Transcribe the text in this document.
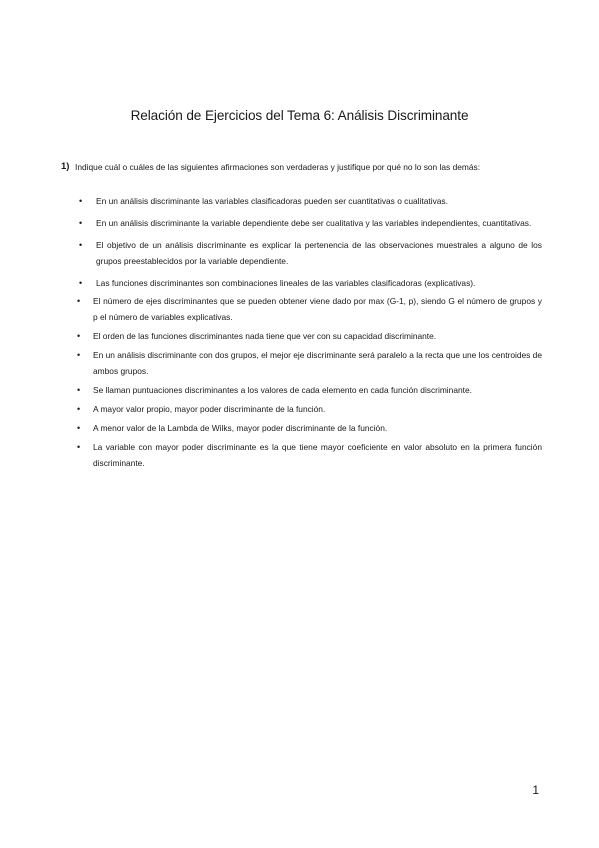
Relación de Ejercicios del Tema 6: Análisis Discriminante
1) Indique cuál o cuáles de las siguientes afirmaciones son verdaderas y justifique por qué no lo son las demás:
• En un análisis discriminante las variables clasificadoras pueden ser cuantitativas o cualitativas.
• En un análisis discriminante la variable dependiente debe ser cualitativa y las variables independientes, cuantitativas.
• El objetivo de un análisis discriminante es explicar la pertenencia de las observaciones muestrales a alguno de los grupos preestablecidos por la variable dependiente.
• Las funciones discriminantes son combinaciones lineales de las variables clasificadoras (explicativas).
• El número de ejes discriminantes que se pueden obtener viene dado por max (G-1, p), siendo G el número de grupos y p el número de variables explicativas.
• El orden de las funciones discriminantes nada tiene que ver con su capacidad discriminante.
• En un análisis discriminante con dos grupos, el mejor eje discriminante será paralelo a la recta que une los centroides de ambos grupos.
• Se llaman puntuaciones discriminantes a los valores de cada elemento en cada función discriminante.
• A mayor valor propio, mayor poder discriminante de la función.
• A menor valor de la Lambda de Wilks, mayor poder discriminante de la función.
• La variable con mayor poder discriminante es la que tiene mayor coeficiente en valor absoluto en la primera función discriminante.
1
